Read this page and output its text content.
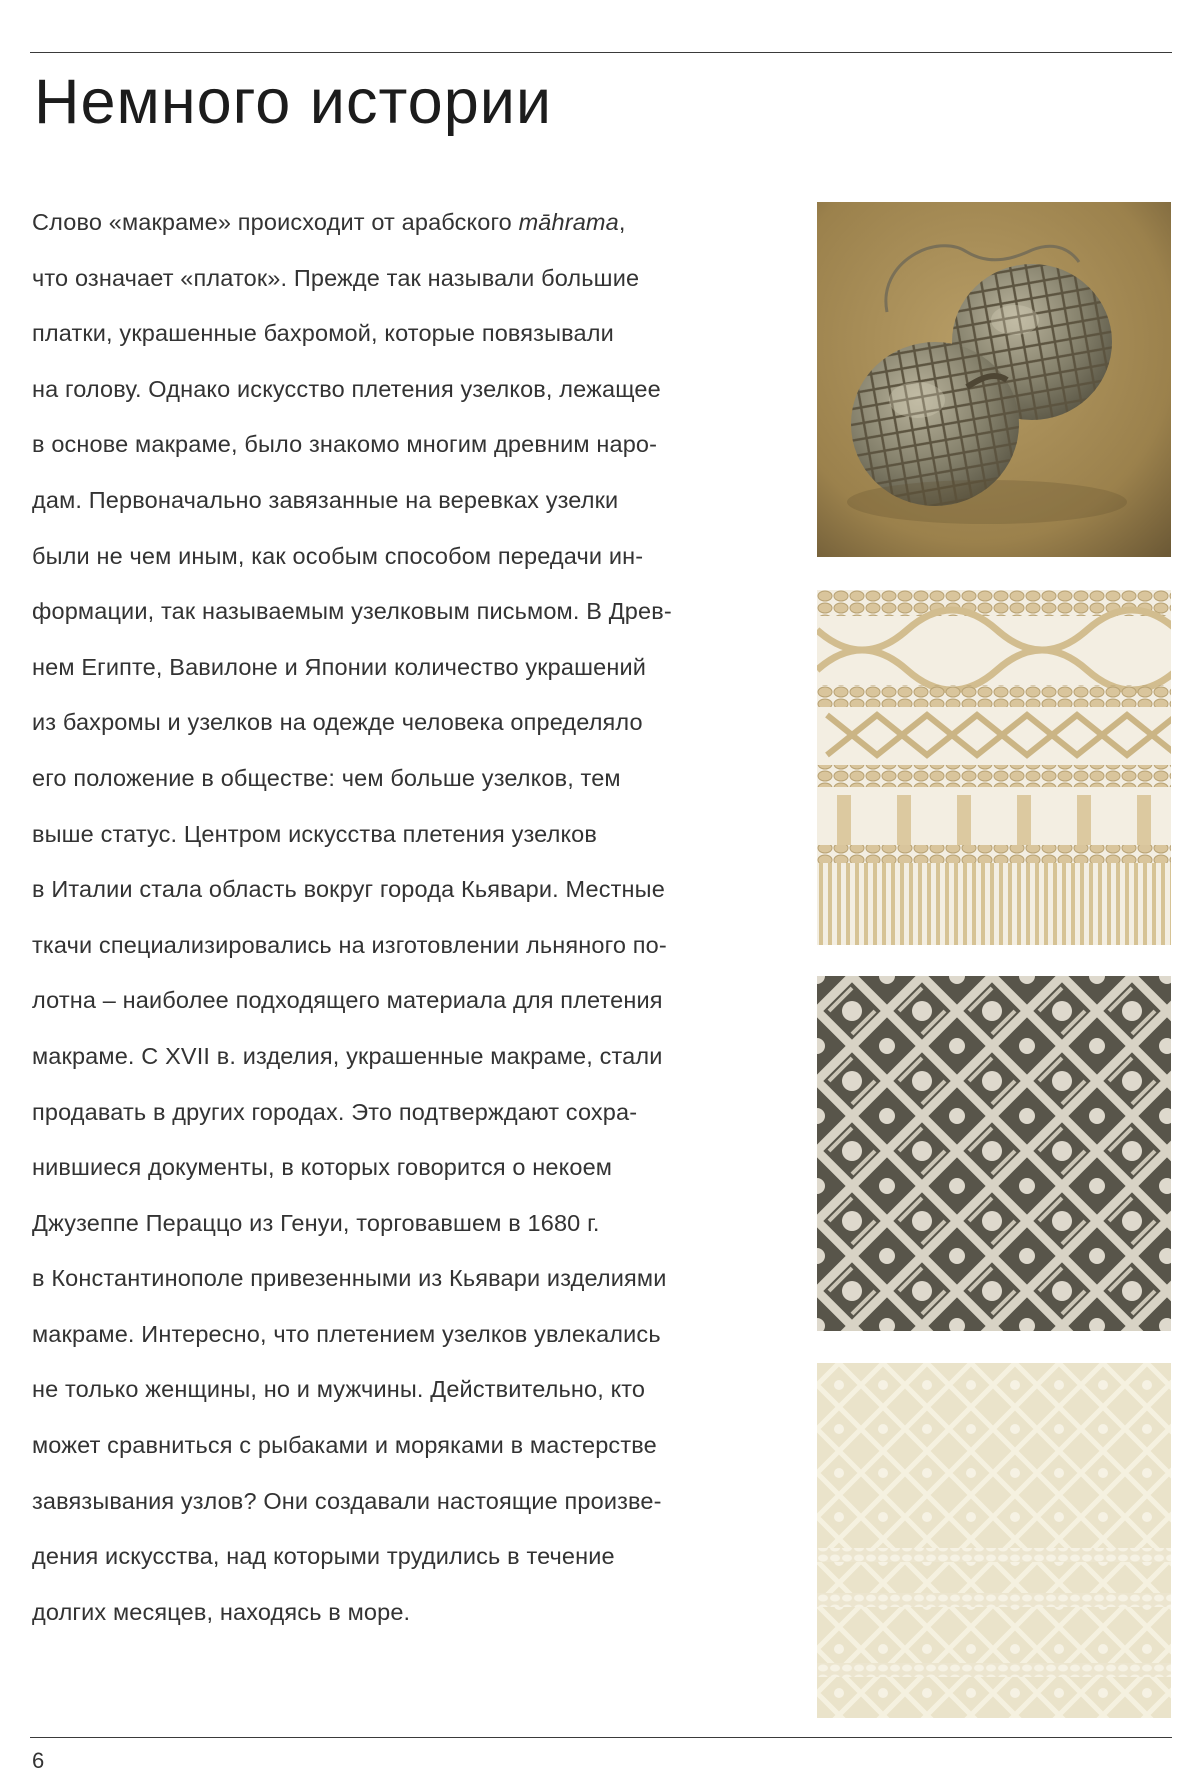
Немного истории
Слово «макраме» происходит от арабского māhrama,
что означает «платок». Прежде так называли большие
платки, украшенные бахромой, которые повязывали
на голову. Однако искусство плетения узелков, лежащее
в основе макраме, было знакомо многим древним наро-
дам. Первоначально завязанные на веревках узелки
были не чем иным, как особым способом передачи ин-
формации, так называемым узелковым письмом. В Древ-
нем Египте, Вавилоне и Японии количество украшений
из бахромы и узелков на одежде человека определяло
его положение в обществе: чем больше узелков, тем
выше статус. Центром искусства плетения узелков
в Италии стала область вокруг города Кьявари. Местные
ткачи специализировались на изготовлении льняного по-
лотна – наиболее подходящего материала для плетения
макраме. С XVII в. изделия, украшенные макраме, стали
продавать в других городах. Это подтверждают сохра-
нившиеся документы, в которых говорится о некоем
Джузеппе Пераццо из Генуи, торговавшем в 1680 г.
в Константинополе привезенными из Кьявари изделиями
макраме. Интересно, что плетением узелков увлекались
не только женщины, но и мужчины. Действительно, кто
может сравниться с рыбаками и моряками в мастерстве
завязывания узлов? Они создавали настоящие произве-
дения искусства, над которыми трудились в течение
долгих месяцев, находясь в море.
6
